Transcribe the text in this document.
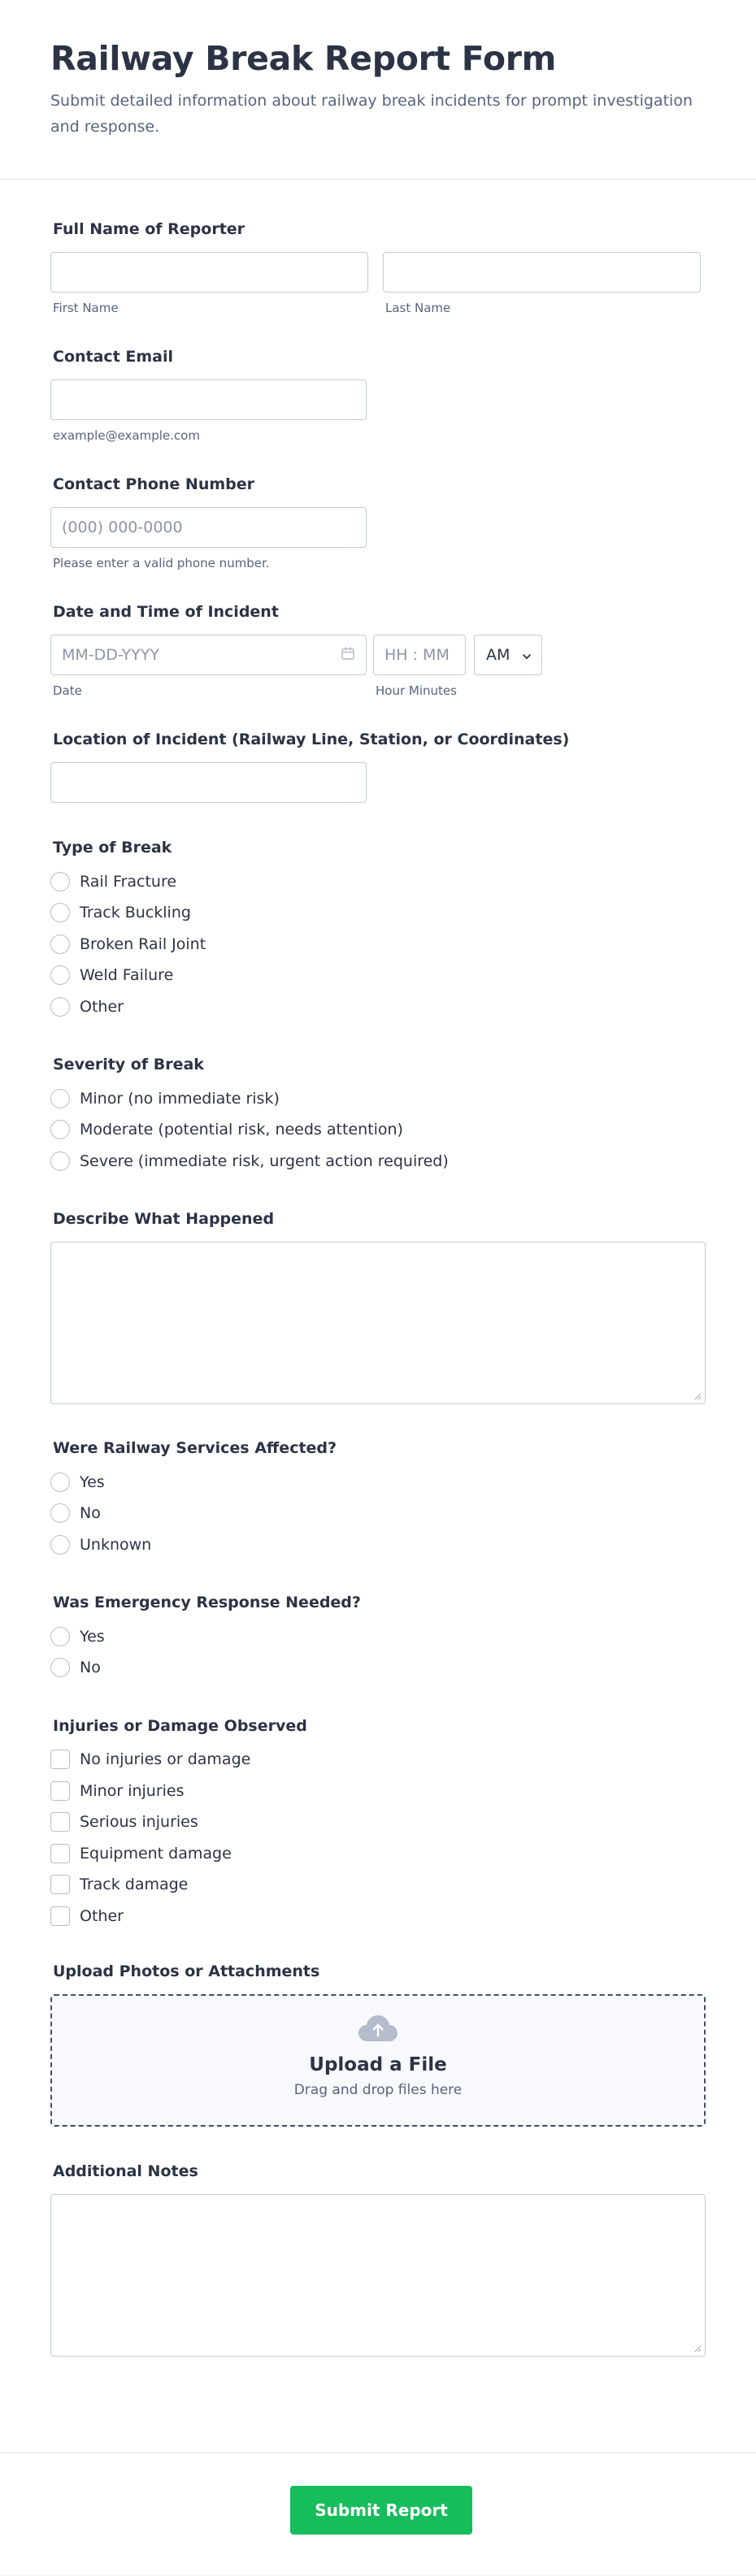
Railway Break Report Form
Submit detailed information about railway break incidents for prompt investigation and response.
Full Name of Reporter
First Name	Last Name
Contact Email
example@example.com
Contact Phone Number
(000) 000-0000
Please enter a valid phone number.
Date and Time of Incident
MM-DD-YYYY
Date
HH : MM	AM
Hour Minutes
Location of Incident (Railway Line, Station, or Coordinates)
Type of Break
Rail Fracture
Track Buckling
Broken Rail Joint
Weld Failure
Other
Severity of Break
Minor (no immediate risk)
Moderate (potential risk, needs attention)
Severe (immediate risk, urgent action required)
Describe What Happened
Were Railway Services Affected?
Yes
No
Unknown
Was Emergency Response Needed?
Yes
No
Injuries or Damage Observed
No injuries or damage
Minor injuries
Serious injuries
Equipment damage
Track damage
Other
Upload Photos or Attachments
Upload a File
Drag and drop files here
Additional Notes
Submit Report
